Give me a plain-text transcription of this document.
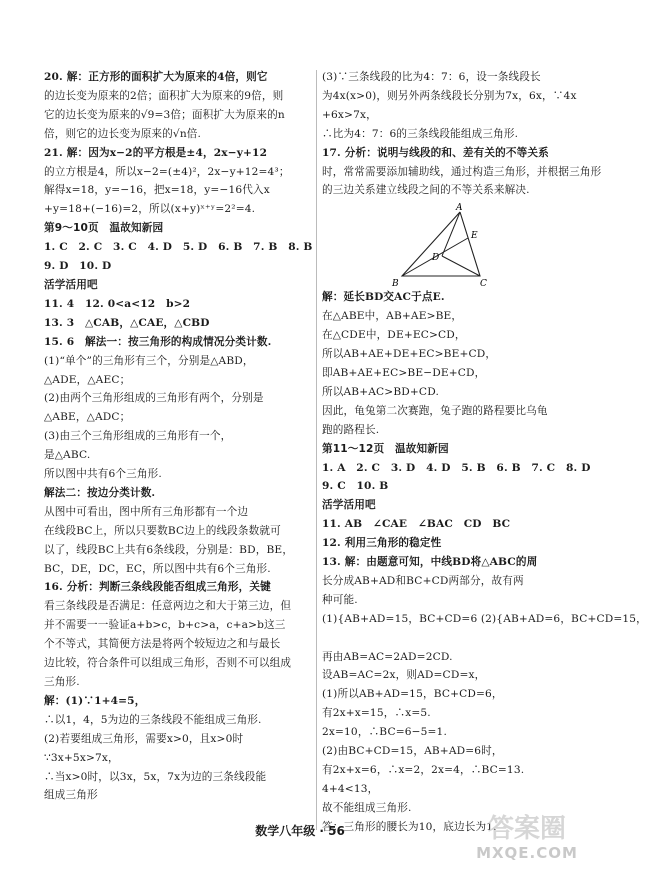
20. 解：正方形的面积扩大为原来的4倍，则它
的边长变为原来的2倍；面积扩大为原来的9倍，则
它的边长变为原来的√9=3倍；面积扩大为原来的n
倍，则它的边长变为原来的√n倍.
21. 解：因为x−2的平方根是±4，2x−y+12
的立方根是4，所以x−2=(±4)²，2x−y+12=4³；
解得x=18，y=−16，把x=18，y=−16代入x
+y=18+(−16)=2，所以(x+y)ˣ⁺ʸ=2²=4.
第9～10页　温故知新园
1. C　2. C　3. C　4. D　5. D　6. B　7. B　8. B
9. D　10. D
活学活用吧
11. 4　12. 0<a<12　b>2
13. 3　△CAB，△CAE，△CBD
15. 6　解法一：按三角形的构成情况分类计数.
(1)“单个”的三角形有三个，分别是△ABD，
△ADE，△AEC；
(2)由两个三角形组成的三角形有两个，分别是
△ABE，△ADC；
(3)由三个三角形组成的三角形有一个，
是△ABC.
所以图中共有6个三角形.
解法二：按边分类计数.
从图中可看出，图中所有三角形都有一个边
在线段BC上，所以只要数BC边上的线段条数就可
以了，线段BC上共有6条线段，分别是：BD，BE，
BC，DE，DC，EC，所以图中共有6个三角形.
16. 分析：判断三条线段能否组成三角形，关键
看三条线段是否满足：任意两边之和大于第三边，但
并不需要一一验证a+b>c，b+c>a，c+a>b这三
个不等式，其简便方法是将两个较短边之和与最长
边比较，符合条件可以组成三角形，否则不可以组成
三角形.
解：(1)∵1+4=5，
∴以1，4，5为边的三条线段不能组成三角形.
(2)若要组成三角形，需要x>0，且x>0时
∵3x+5x>7x，
∴当x>0时，以3x，5x，7x为边的三条线段能
组成三角形
(3)∵三条线段的比为4：7：6，设一条线段长
为4x(x>0)，则另外两条线段长分别为7x，6x，∵4x
+6x>7x，
∴比为4：7：6的三条线段能组成三角形.
17. 分析：说明与线段的和、差有关的不等关系
时，常常需要添加辅助线，通过构造三角形，并根据三角形
的三边关系建立线段之间的不等关系来解决.
A
B	C
D
E
解：延长BD交AC于点E.
在△ABE中，AB+AE>BE，
在△CDE中，DE+EC>CD，
所以AB+AE+DE+EC>BE+CD，
即AB+AE+EC>BE−DE+CD，
所以AB+AC>BD+CD.
因此，龟兔第二次赛跑，兔子跑的路程要比乌龟
跑的路程长.
第11～12页　温故知新园
1. A　2. C　3. D　4. D　5. B　6. B　7. C　8. D
9. C　10. B
活学活用吧
11. AB　∠CAE　∠BAC　CD　BC
12. 利用三角形的稳定性
13. 解：由题意可知，中线BD将△ABC的周
长分成AB+AD和BC+CD两部分，故有两
种可能.
(1){AB+AD=15，BC+CD=6 (2){AB+AD=6，BC+CD=15，

再由AB=AC=2AD=2CD.
设AB=AC=2x，则AD=CD=x，
(1)所以AB+AD=15，BC+CD=6，
有2x+x=15，∴x=5.
2x=10，∴BC=6−5=1.
(2)由BC+CD=15，AB+AD=6时，
有2x+x=6，∴x=2，2x=4，∴BC=13.
4+4<13，
故不能组成三角形.
答：三角形的腰长为10，底边长为1.
数学八年级 · 56	答案圈
MXQE.COM
